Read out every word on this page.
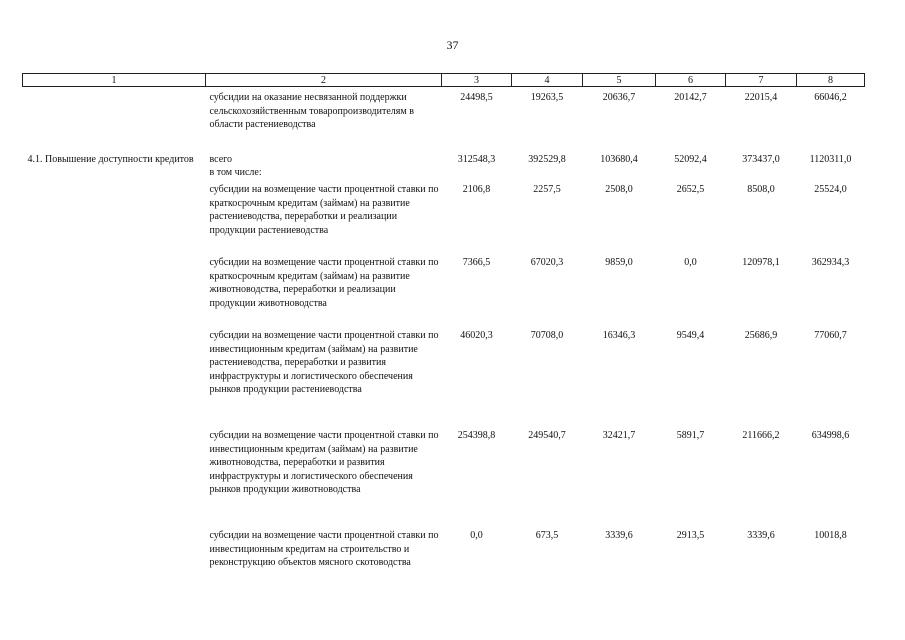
37
1	2	3	4	5	6	7	8
	субсидии на оказание несвязанной поддержки сельскохозяйственным товаропроизводителям в области растениеводства	24498,5	19263,5	20636,7	20142,7	22015,4	66046,2
4.1. Повышение доступности кредитов	всего	312548,3	392529,8	103680,4	52092,4	373437,0	1120311,0
	в том числе:						
	субсидии на возмещение части процентной ставки по краткосрочным кредитам (займам) на развитие растениеводства, переработки и реализации продукции растениеводства	2106,8	2257,5	2508,0	2652,5	8508,0	25524,0
	субсидии на возмещение части процентной ставки по краткосрочным кредитам (займам) на развитие животноводства, переработки и реализации продукции животноводства	7366,5	67020,3	9859,0	0,0	120978,1	362934,3
	субсидии на возмещение части процентной ставки по инвестиционным кредитам (займам) на развитие растениеводства, переработки и развития инфраструктуры и логистического обеспечения рынков продукции растениеводства	46020,3	70708,0	16346,3	9549,4	25686,9	77060,7
	субсидии на возмещение части процентной ставки по инвестиционным кредитам (займам) на развитие животноводства, переработки и развития инфраструктуры и логистического обеспечения рынков продукции животноводства	254398,8	249540,7	32421,7	5891,7	211666,2	634998,6
	субсидии на возмещение части процентной ставки по инвестиционным кредитам на строительство и реконструкцию объектов мясного скотоводства	0,0	673,5	3339,6	2913,5	3339,6	10018,8
